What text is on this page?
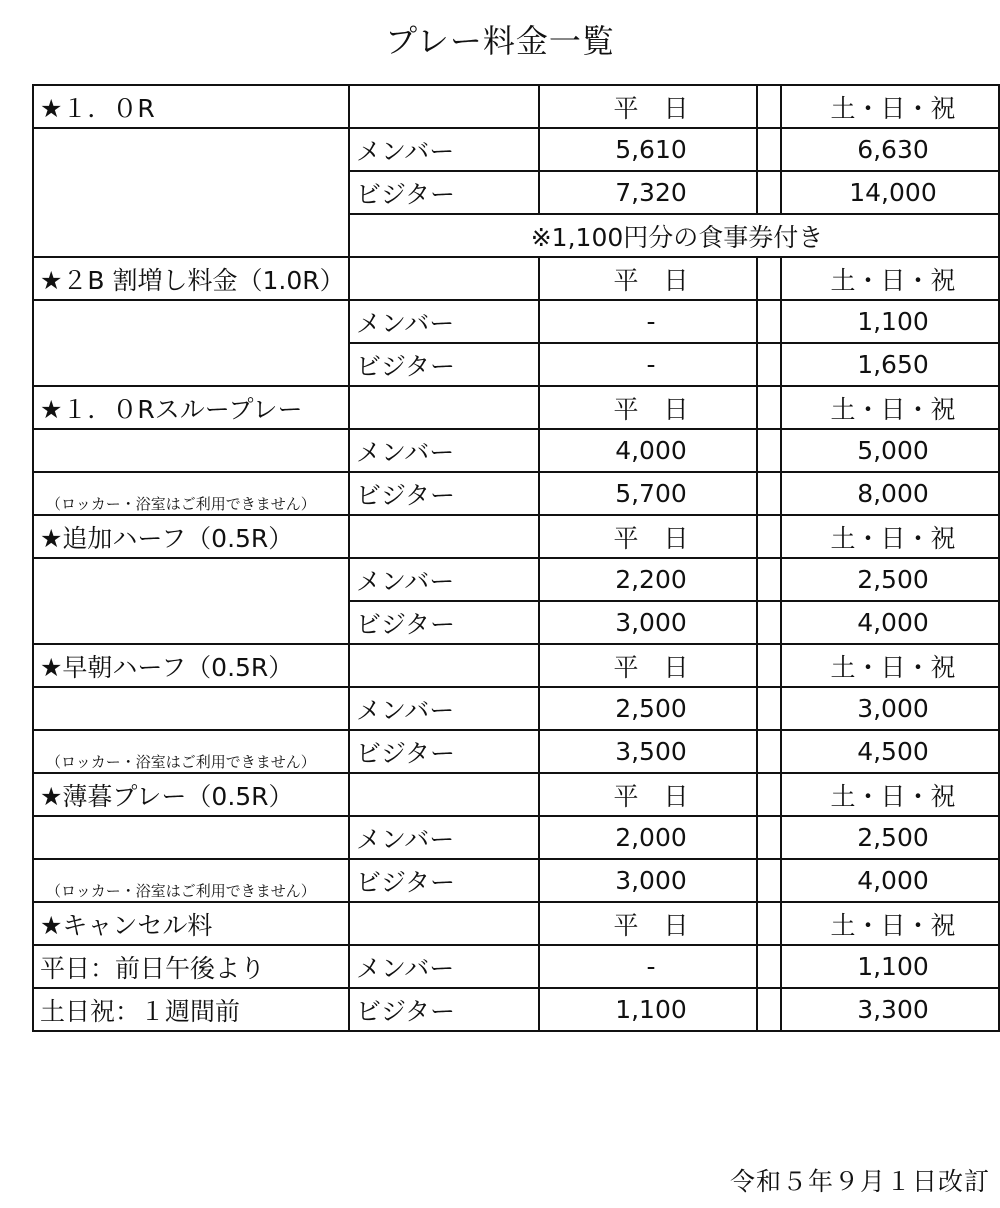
プレー料金一覧
★１．０R		平　日		土・日・祝
	メンバー	5,610		6,630
	ビジター	7,320		14,000
	※1,100円分の食事券付き			
★２B 割増し料金（1.0R）		平　日		土・日・祝
	メンバー	-		1,100
	ビジター	-		1,650
★１．０Rスループレー		平　日		土・日・祝
	メンバー	4,000		5,000

（ロッカー・浴室はご利用できません）	ビジター	5,700		8,000
★追加ハーフ（0.5R）		平　日		土・日・祝
	メンバー	2,200		2,500
	ビジター	3,000		4,000
★早朝ハーフ（0.5R）		平　日		土・日・祝
	メンバー	2,500		3,000

（ロッカー・浴室はご利用できません）	ビジター	3,500		4,500
★薄暮プレー（0.5R）		平　日		土・日・祝
	メンバー	2,000		2,500

（ロッカー・浴室はご利用できません）	ビジター	3,000		4,000
★キャンセル料		平　日		土・日・祝
平日：前日午後より	メンバー	-		1,100
土日祝：１週間前	ビジター	1,100		3,300
令和５年９月１日改訂
